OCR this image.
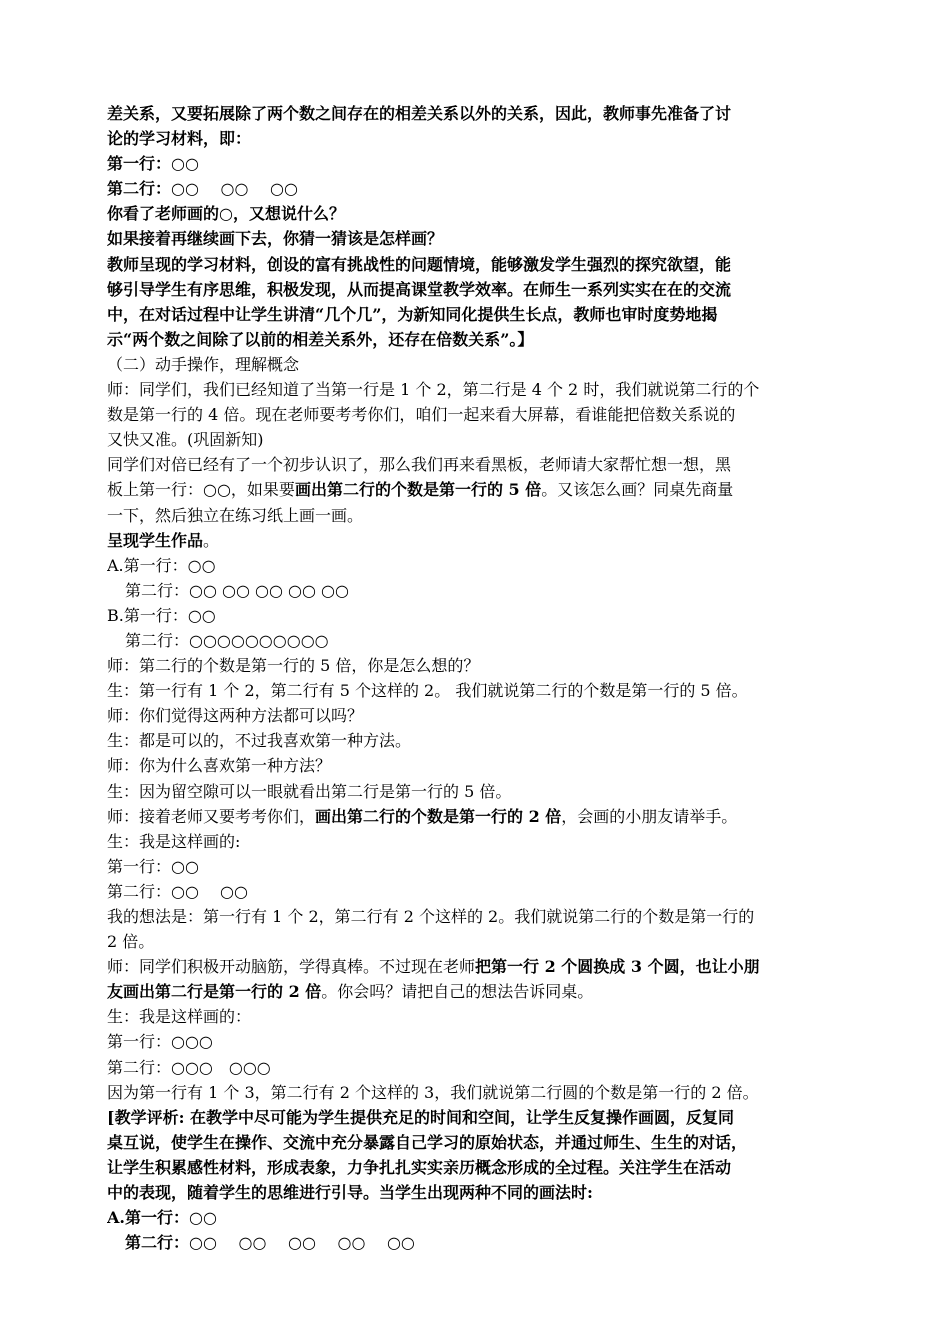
差关系，又要拓展除了两个数之间存在的相差关系以外的关系，因此，教师事先准备了讨
论的学习材料，即：
第一行：○○
第二行：○○　 ○○　 ○○
你看了老师画的○，又想说什么？
如果接着再继续画下去，你猜一猜该是怎样画？
教师呈现的学习材料，创设的富有挑战性的问题情境，能够激发学生强烈的探究欲望，能
够引导学生有序思维，积极发现，从而提高课堂教学效率。在师生一系列实实在在的交流
中，在对话过程中让学生讲清“几个几”，为新知同化提供生长点，教师也审时度势地揭
示“两个数之间除了以前的相差关系外，还存在倍数关系”。】
（二）动手操作，理解概念
师：同学们，我们已经知道了当第一行是 1 个 2，第二行是 4 个 2 时，我们就说第二行的个
数是第一行的 4 倍。现在老师要考考你们，咱们一起来看大屏幕，看谁能把倍数关系说的
又快又准。(巩固新知)
同学们对倍已经有了一个初步认识了，那么我们再来看黑板，老师请大家帮忙想一想，黑
板上第一行：○○，如果要画出第二行的个数是第一行的 5 倍。又该怎么画？同桌先商量
一下，然后独立在练习纸上画一画。
呈现学生作品。
A.第一行：○○
第二行：○○ ○○ ○○ ○○ ○○
B.第一行：○○
第二行：○○○○○○○○○○
师：第二行的个数是第一行的 5 倍，你是怎么想的？
生：第一行有 1 个 2，第二行有 5 个这样的 2。 我们就说第二行的个数是第一行的 5 倍。
师：你们觉得这两种方法都可以吗？
生：都是可以的，不过我喜欢第一种方法。
师：你为什么喜欢第一种方法？
生：因为留空隙可以一眼就看出第二行是第一行的 5 倍。
师：接着老师又要考考你们，画出第二行的个数是第一行的 2 倍，会画的小朋友请举手。
生：我是这样画的:
第一行：○○
第二行：○○　 ○○
我的想法是：第一行有 1 个 2，第二行有 2 个这样的 2。我们就说第二行的个数是第一行的
2 倍。
师：同学们积极开动脑筋，学得真棒。不过现在老师把第一行 2 个圆换成 3 个圆，也让小朋
友画出第二行是第一行的 2 倍。你会吗？请把自己的想法告诉同桌。
生：我是这样画的：
第一行：○○○
第二行：○○○　○○○
因为第一行有 1 个 3，第二行有 2 个这样的 3，我们就说第二行圆的个数是第一行的 2 倍。
[教学评析: 在教学中尽可能为学生提供充足的时间和空间，让学生反复操作画圆，反复同
桌互说，使学生在操作、交流中充分暴露自己学习的原始状态，并通过师生、生生的对话，
让学生积累感性材料，形成表象，力争扎扎实实亲历概念形成的全过程。关注学生在活动
中的表现，随着学生的思维进行引导。当学生出现两种不同的画法时:
A.第一行：○○
第二行：○○　 ○○　 ○○　 ○○　 ○○
